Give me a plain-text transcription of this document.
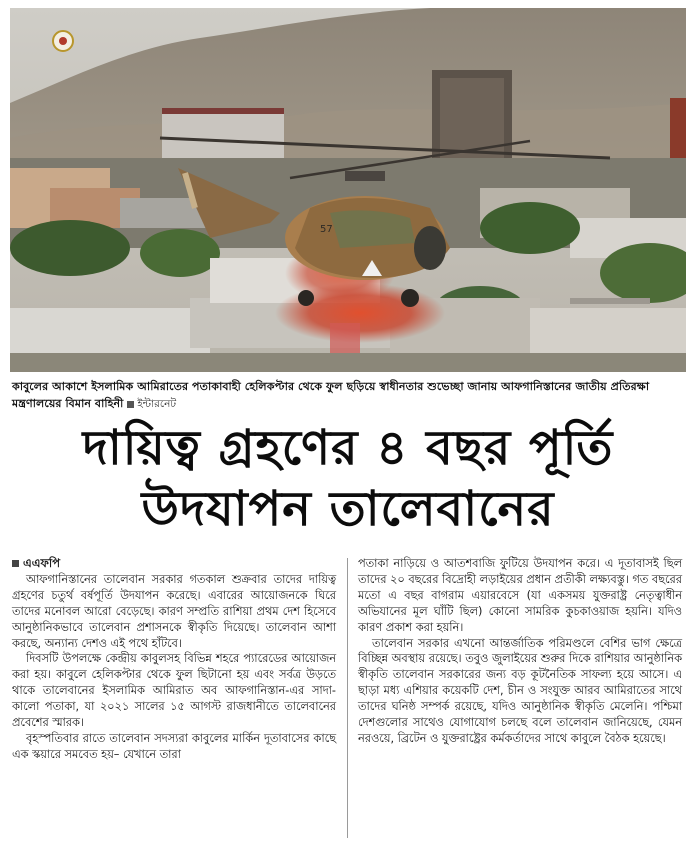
57
কাবুলের আকাশে ইসলামিক আমিরাতের পতাকাবাহী হেলিকপ্টার থেকে ফুল ছড়িয়ে স্বাধীনতার শুভেচ্ছা জানায় আফগানিস্তানের জাতীয় প্রতিরক্ষা মন্ত্রণালয়ের বিমান বাহিনী ইন্টারনেট
দায়িত্ব গ্রহণের ৪ বছর পূর্তি
উদযাপন তালেবানের

এএফপি

আফগানিস্তানের তালেবান সরকার গতকাল শুক্রবার তাদের দায়িত্ব গ্রহণের চতুর্থ বর্ষপূর্তি উদযাপন করেছে। এবারের আয়োজনকে ঘিরে তাদের মনোবল আরো বেড়েছে। কারণ সম্প্রতি রাশিয়া প্রথম দেশ হিসেবে আনুষ্ঠানিকভাবে তালেবান প্রশাসনকে স্বীকৃতি দিয়েছে। তালেবান আশা করছে, অন্যান্য দেশও এই পথে হাঁটবে।

দিবসটি উপলক্ষে কেন্দ্রীয় কাবুলসহ বিভিন্ন শহরে প্যারেডের আয়োজন করা হয়। কাবুলে হেলিকপ্টার থেকে ফুল ছিটানো হয় এবং সর্বত্র উড়তে থাকে তালেবানের ইসলামিক আমিরাত অব আফগানিস্তান-এর সাদা-কালো পতাকা, যা ২০২১ সালের ১৫ আগস্ট রাজধানীতে তালেবানের প্রবেশের স্মারক।

বৃহস্পতিবার রাতে তালেবান সদস্যরা কাবুলের মার্কিন দূতাবাসের কাছে এক স্কয়ারে সমবেত হয়– যেখানে তারা

পতাকা নাড়িয়ে ও আতশবাজি ফুটিয়ে উদযাপন করে। এ দূতাবাসই ছিল তাদের ২০ বছরের বিদ্রোহী লড়াইয়ের প্রধান প্রতীকী লক্ষ্যবস্তু। গত বছরের মতো এ বছর বাগরাম এয়ারবেসে (যা একসময় যুক্তরাষ্ট্র নেতৃত্বাধীন অভিযানের মূল ঘাঁটি ছিল) কোনো সামরিক কুচকাওয়াজ হয়নি। যদিও কারণ প্রকাশ করা হয়নি।

তালেবান সরকার এখনো আন্তর্জাতিক পরিমণ্ডলে বেশির ভাগ ক্ষেত্রে বিচ্ছিন্ন অবস্থায় রয়েছে। তবুও জুলাইয়ের শুরুর দিকে রাশিয়ার আনুষ্ঠানিক স্বীকৃতি তালেবান সরকারের জন্য বড় কূটনৈতিক সাফল্য হয়ে আসে। এ ছাড়া মধ্য এশিয়ার কয়েকটি দেশ, চীন ও সংযুক্ত আরব আমিরাতের সাথে তাদের ঘনিষ্ঠ সম্পর্ক রয়েছে, যদিও আনুষ্ঠানিক স্বীকৃতি মেলেনি। পশ্চিমা দেশগুলোর সাথেও যোগাযোগ চলছে বলে তালেবান জানিয়েছে, যেমন নরওয়ে, ব্রিটেন ও যুক্তরাষ্ট্রের কর্মকর্তাদের সাথে কাবুলে বৈঠক হয়েছে।
